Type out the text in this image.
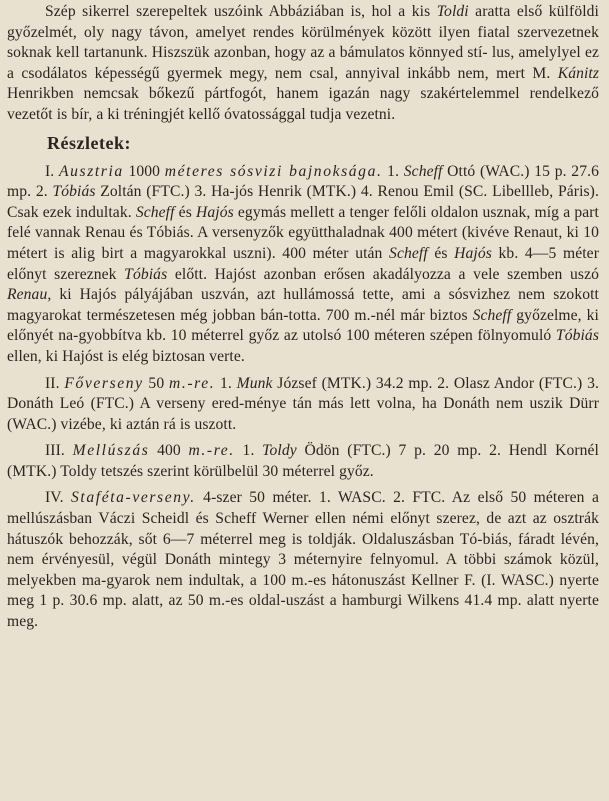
Szép sikerrel szerepeltek uszóink Abbáziában is, hol a kis Toldi aratta első külföldi győzelmét, oly nagy távon, amelyet rendes körülmények között ilyen fiatal szervezetnek soknak kell tartanunk. Hiszszük azonban, hogy az a bámulatos könnyed stí- lus, amelylyel ez a csodálatos képességű gyermek megy, nem csal, annyival inkább nem, mert M. Kánitz Henrikben nemcsak bőkezű pártfogót, hanem igazán nagy szakértelemmel rendelkező vezetőt is bír, a ki tréningjét kellő óvatossággal tudja vezetni.

Részletek:

I. Ausztria 1000 méteres sósvizi bajnoksága. 1. Scheff Ottó (WAC.) 15 p. 27.6 mp. 2. Tóbiás Zoltán (FTC.) 3. Ha-jós Henrik (MTK.) 4. Renou Emil (SC. Libellleb, Páris). Csak ezek indultak. Scheff és Hajós egymás mellett a tenger felőli oldalon usznak, míg a part felé vannak Renau és Tóbiás. A versenyzők együtthaladnak 400 métert (kivéve Renaut, ki 10 métert is alig birt a magyarokkal uszni). 400 méter után Scheff és Hajós kb. 4—5 méter előnyt szereznek Tóbiás előtt. Hajóst azonban erősen akadályozza a vele szemben uszó Renau, ki Hajós pályájában uszván, azt hullámossá tette, ami a sósvizhez nem szokott magyarokat természetesen még jobban bán-totta. 700 m.-nél már biztos Scheff győzelme, ki előnyét na-gyobbítva kb. 10 méterrel győz az utolsó 100 méteren szépen fölnyomuló Tóbiás ellen, ki Hajóst is elég biztosan verte.

II. Főverseny 50 m.-re. 1. Munk József (MTK.) 34.2 mp. 2. Olasz Andor (FTC.) 3. Donáth Leó (FTC.) A verseny ered-ménye tán más lett volna, ha Donáth nem uszik Dürr (WAC.) vizébe, ki aztán rá is uszott.

III. Mellúszás 400 m.-re. 1. Toldy Ödön (FTC.) 7 p. 20 mp. 2. Hendl Kornél (MTK.) Toldy tetszés szerint körülbelül 30 méterrel győz.

IV. Staféta-verseny. 4-szer 50 méter. 1. WASC. 2. FTC. Az első 50 méteren a mellúszásban Váczi Scheidl és Scheff Werner ellen némi előnyt szerez, de azt az osztrák hátuszók behozzák, sőt 6—7 méterrel meg is toldják. Oldaluszásban Tó-biás, fáradt lévén, nem érvényesül, végül Donáth mintegy 3 méternyire felnyomul. A többi számok közül, melyekben ma-gyarok nem indultak, a 100 m.-es hátonuszást Kellner F. (I. WASC.) nyerte meg 1 p. 30.6 mp. alatt, az 50 m.-es oldal-uszást a hamburgi Wilkens 41.4 mp. alatt nyerte meg.
